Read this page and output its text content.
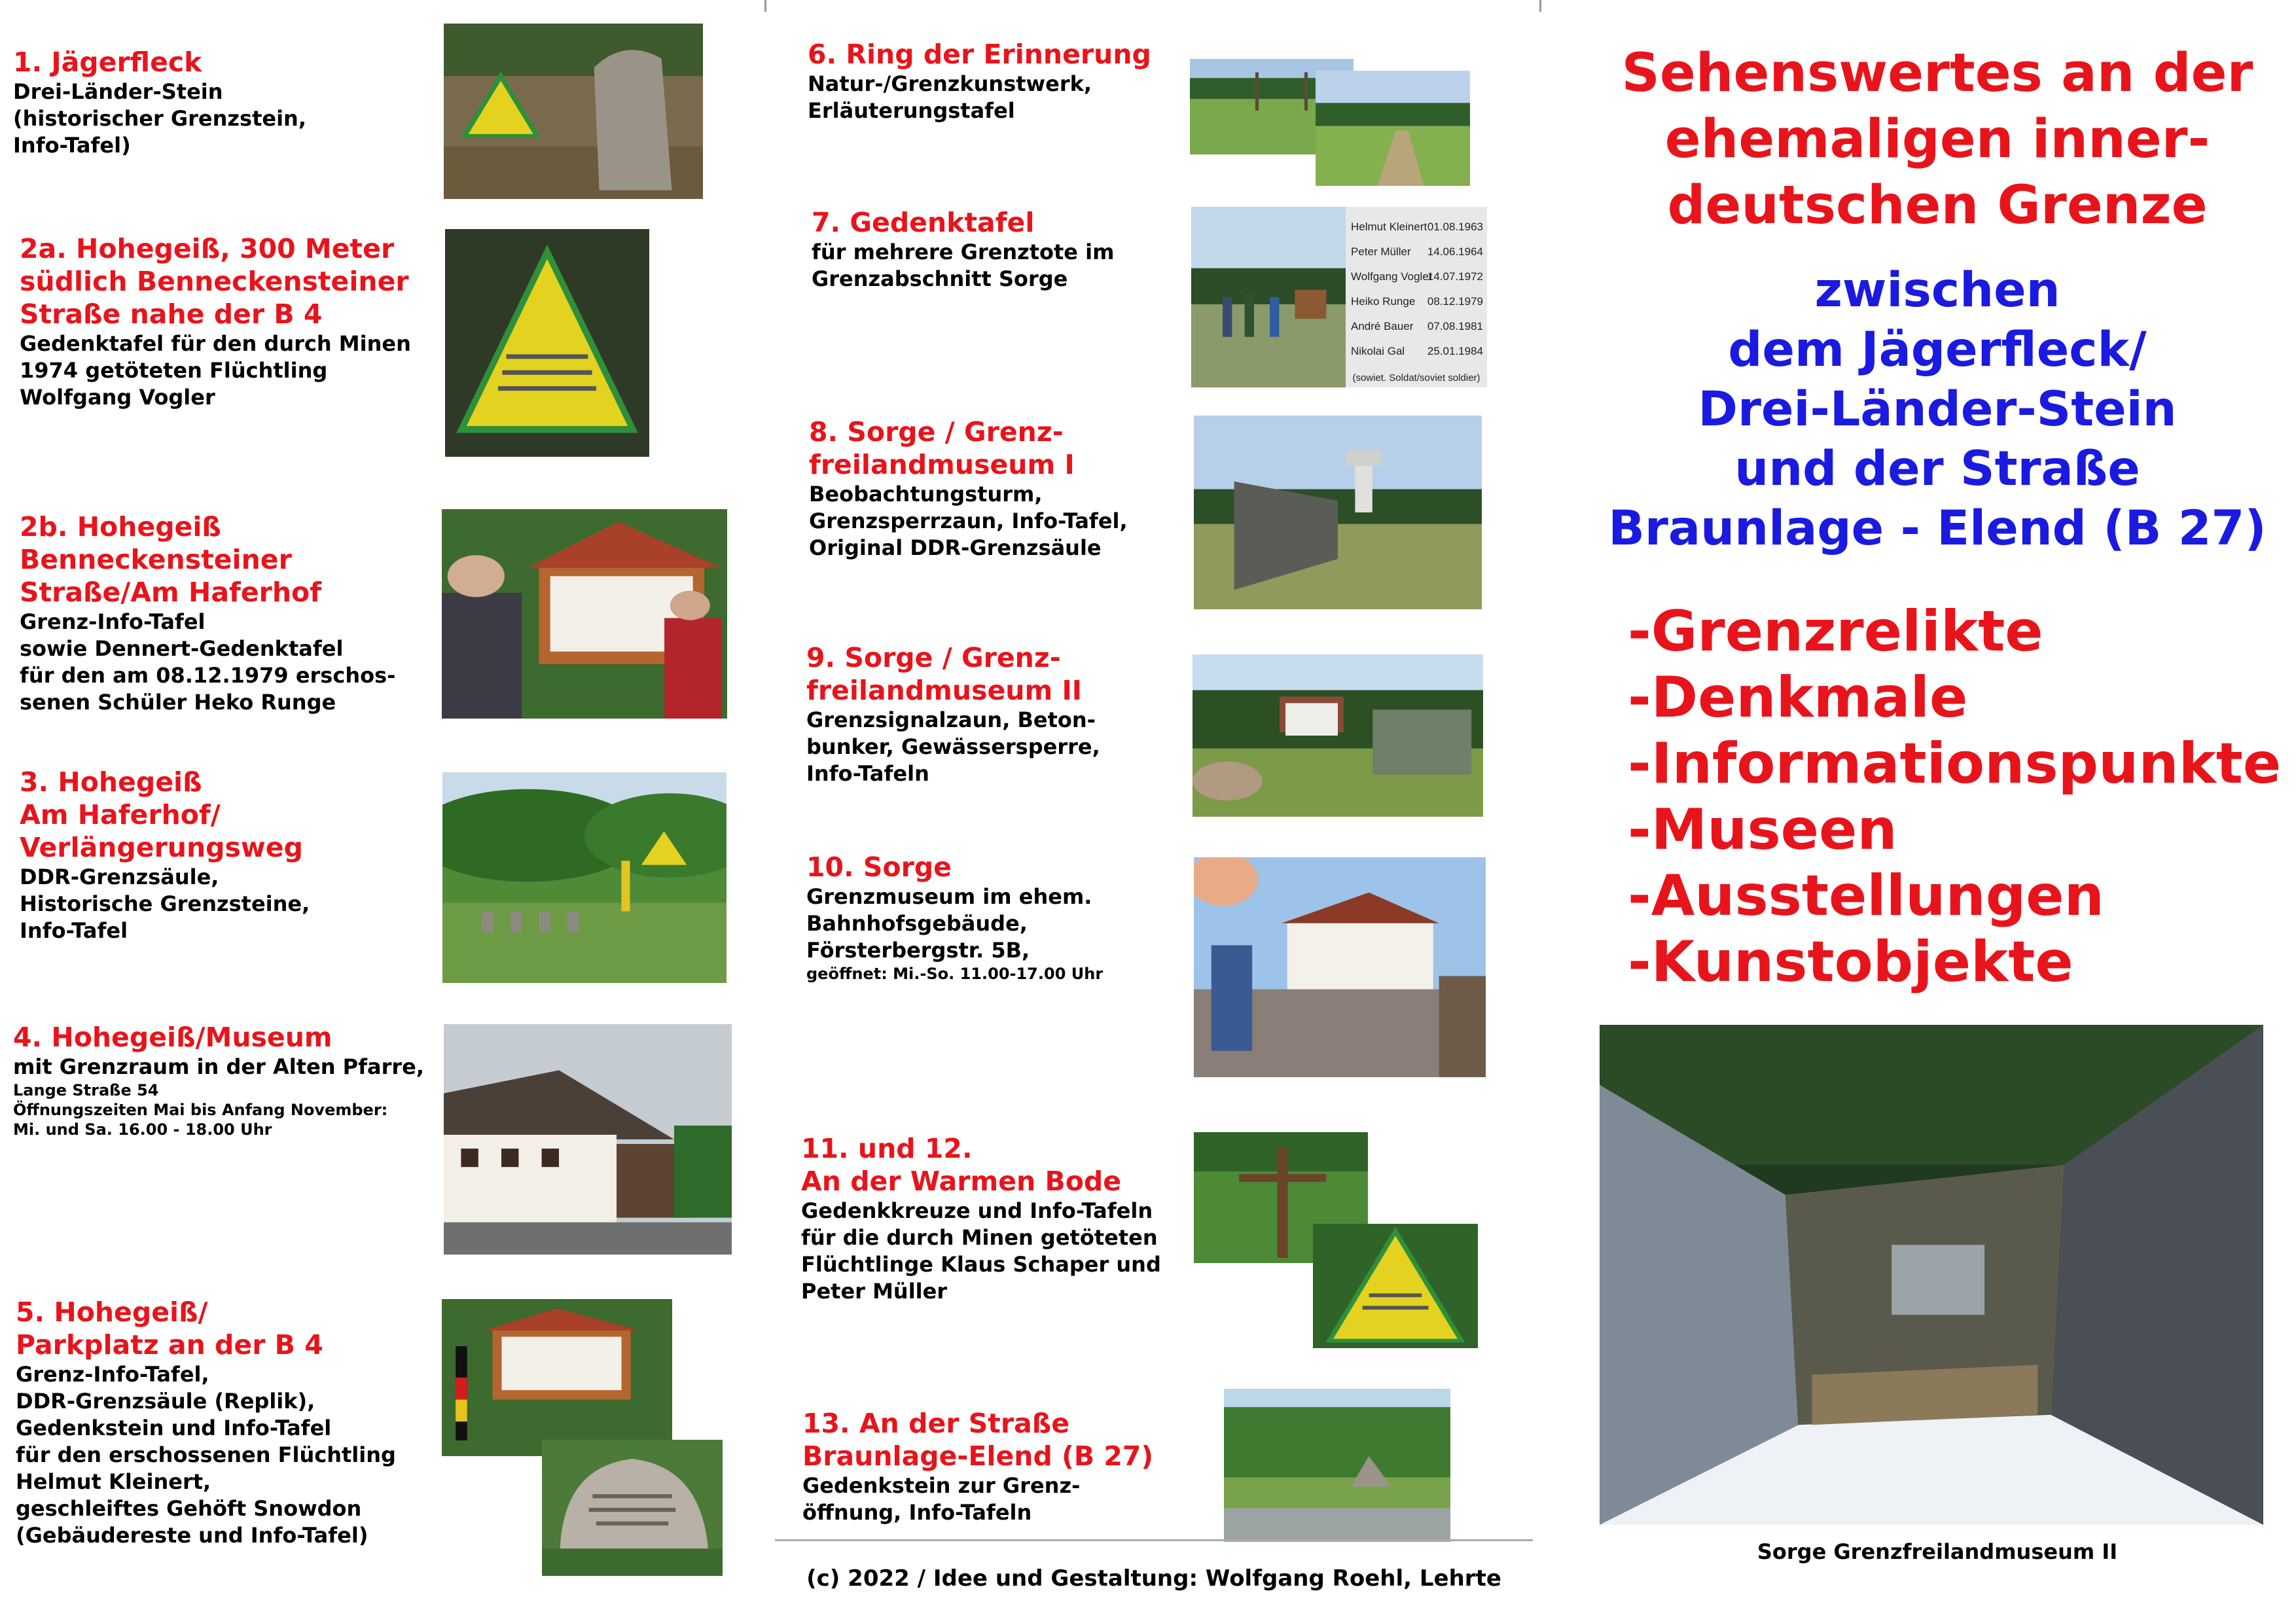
1. Jägerfleck
Drei-Länder-Stein
(historischer Grenzstein,
Info-Tafel)
2a. Hohegeiß, 300 Meter
südlich Benneckensteiner
Straße nahe der B 4
Gedenktafel für den durch Minen
1974 getöteten Flüchtling
Wolfgang Vogler
2b. Hohegeiß
Benneckensteiner
Straße/Am Haferhof
Grenz-Info-Tafel
sowie Dennert-Gedenktafel
für den am 08.12.1979 erschos-
senen Schüler Heko Runge
3. Hohegeiß
Am Haferhof/
Verlängerungsweg
DDR-Grenzsäule,
Historische Grenzsteine,
Info-Tafel
4. Hohegeiß/Museum
mit Grenzraum in der Alten Pfarre,
Lange Straße 54
Öffnungszeiten Mai bis Anfang November:
Mi. und Sa. 16.00 - 18.00 Uhr
5. Hohegeiß/
Parkplatz an der B 4
Grenz-Info-Tafel,
DDR-Grenzsäule (Replik),
Gedenkstein und Info-Tafel
für den erschossenen Flüchtling
Helmut Kleinert,
geschleiftes Gehöft Snowdon
(Gebäudereste und Info-Tafel)
6. Ring der Erinnerung
Natur-/Grenzkunstwerk,
Erläuterungstafel
7. Gedenktafel
für mehrere Grenztote im
Grenzabschnitt Sorge
Helmut Kleinert 01.08.1963
Peter Müller 14.06.1964
Wolfgang Vogler
14.07.1972
Heiko Runge 08.12.1979
André Bauer 07.08.1981
Nikolai Gal 25.01.1984
(sowiet. Soldat/soviet soldier)
8. Sorge / Grenz-
freilandmuseum I
Beobachtungsturm,
Grenzsperrzaun, Info-Tafel,
Original DDR-Grenzsäule
9. Sorge / Grenz-
freilandmuseum II
Grenzsignalzaun, Beton-
bunker, Gewässersperre,
Info-Tafeln
10. Sorge
Grenzmuseum im ehem.
Bahnhofsgebäude,
Försterbergstr. 5B,
geöffnet: Mi.-So. 11.00-17.00 Uhr
11. und 12.
An der Warmen Bode
Gedenkkreuze und Info-Tafeln
für die durch Minen getöteten
Flüchtlinge Klaus Schaper und
Peter Müller
13. An der Straße
Braunlage-Elend (B 27)
Gedenkstein zur Grenz-
öffnung, Info-Tafeln
(c) 2022 / Idee und Gestaltung: Wolfgang Roehl, Lehrte
Sehenswertes an der ehemaligen inner-deutschen Grenze
zwischen
dem Jägerfleck/
Drei-Länder-Stein
und der Straße
Braunlage - Elend (B 27)
-Grenzrelikte
-Denkmale
-Informationspunkte
-Museen
-Ausstellungen
-Kunstobjekte
Sorge Grenzfreilandmuseum II
